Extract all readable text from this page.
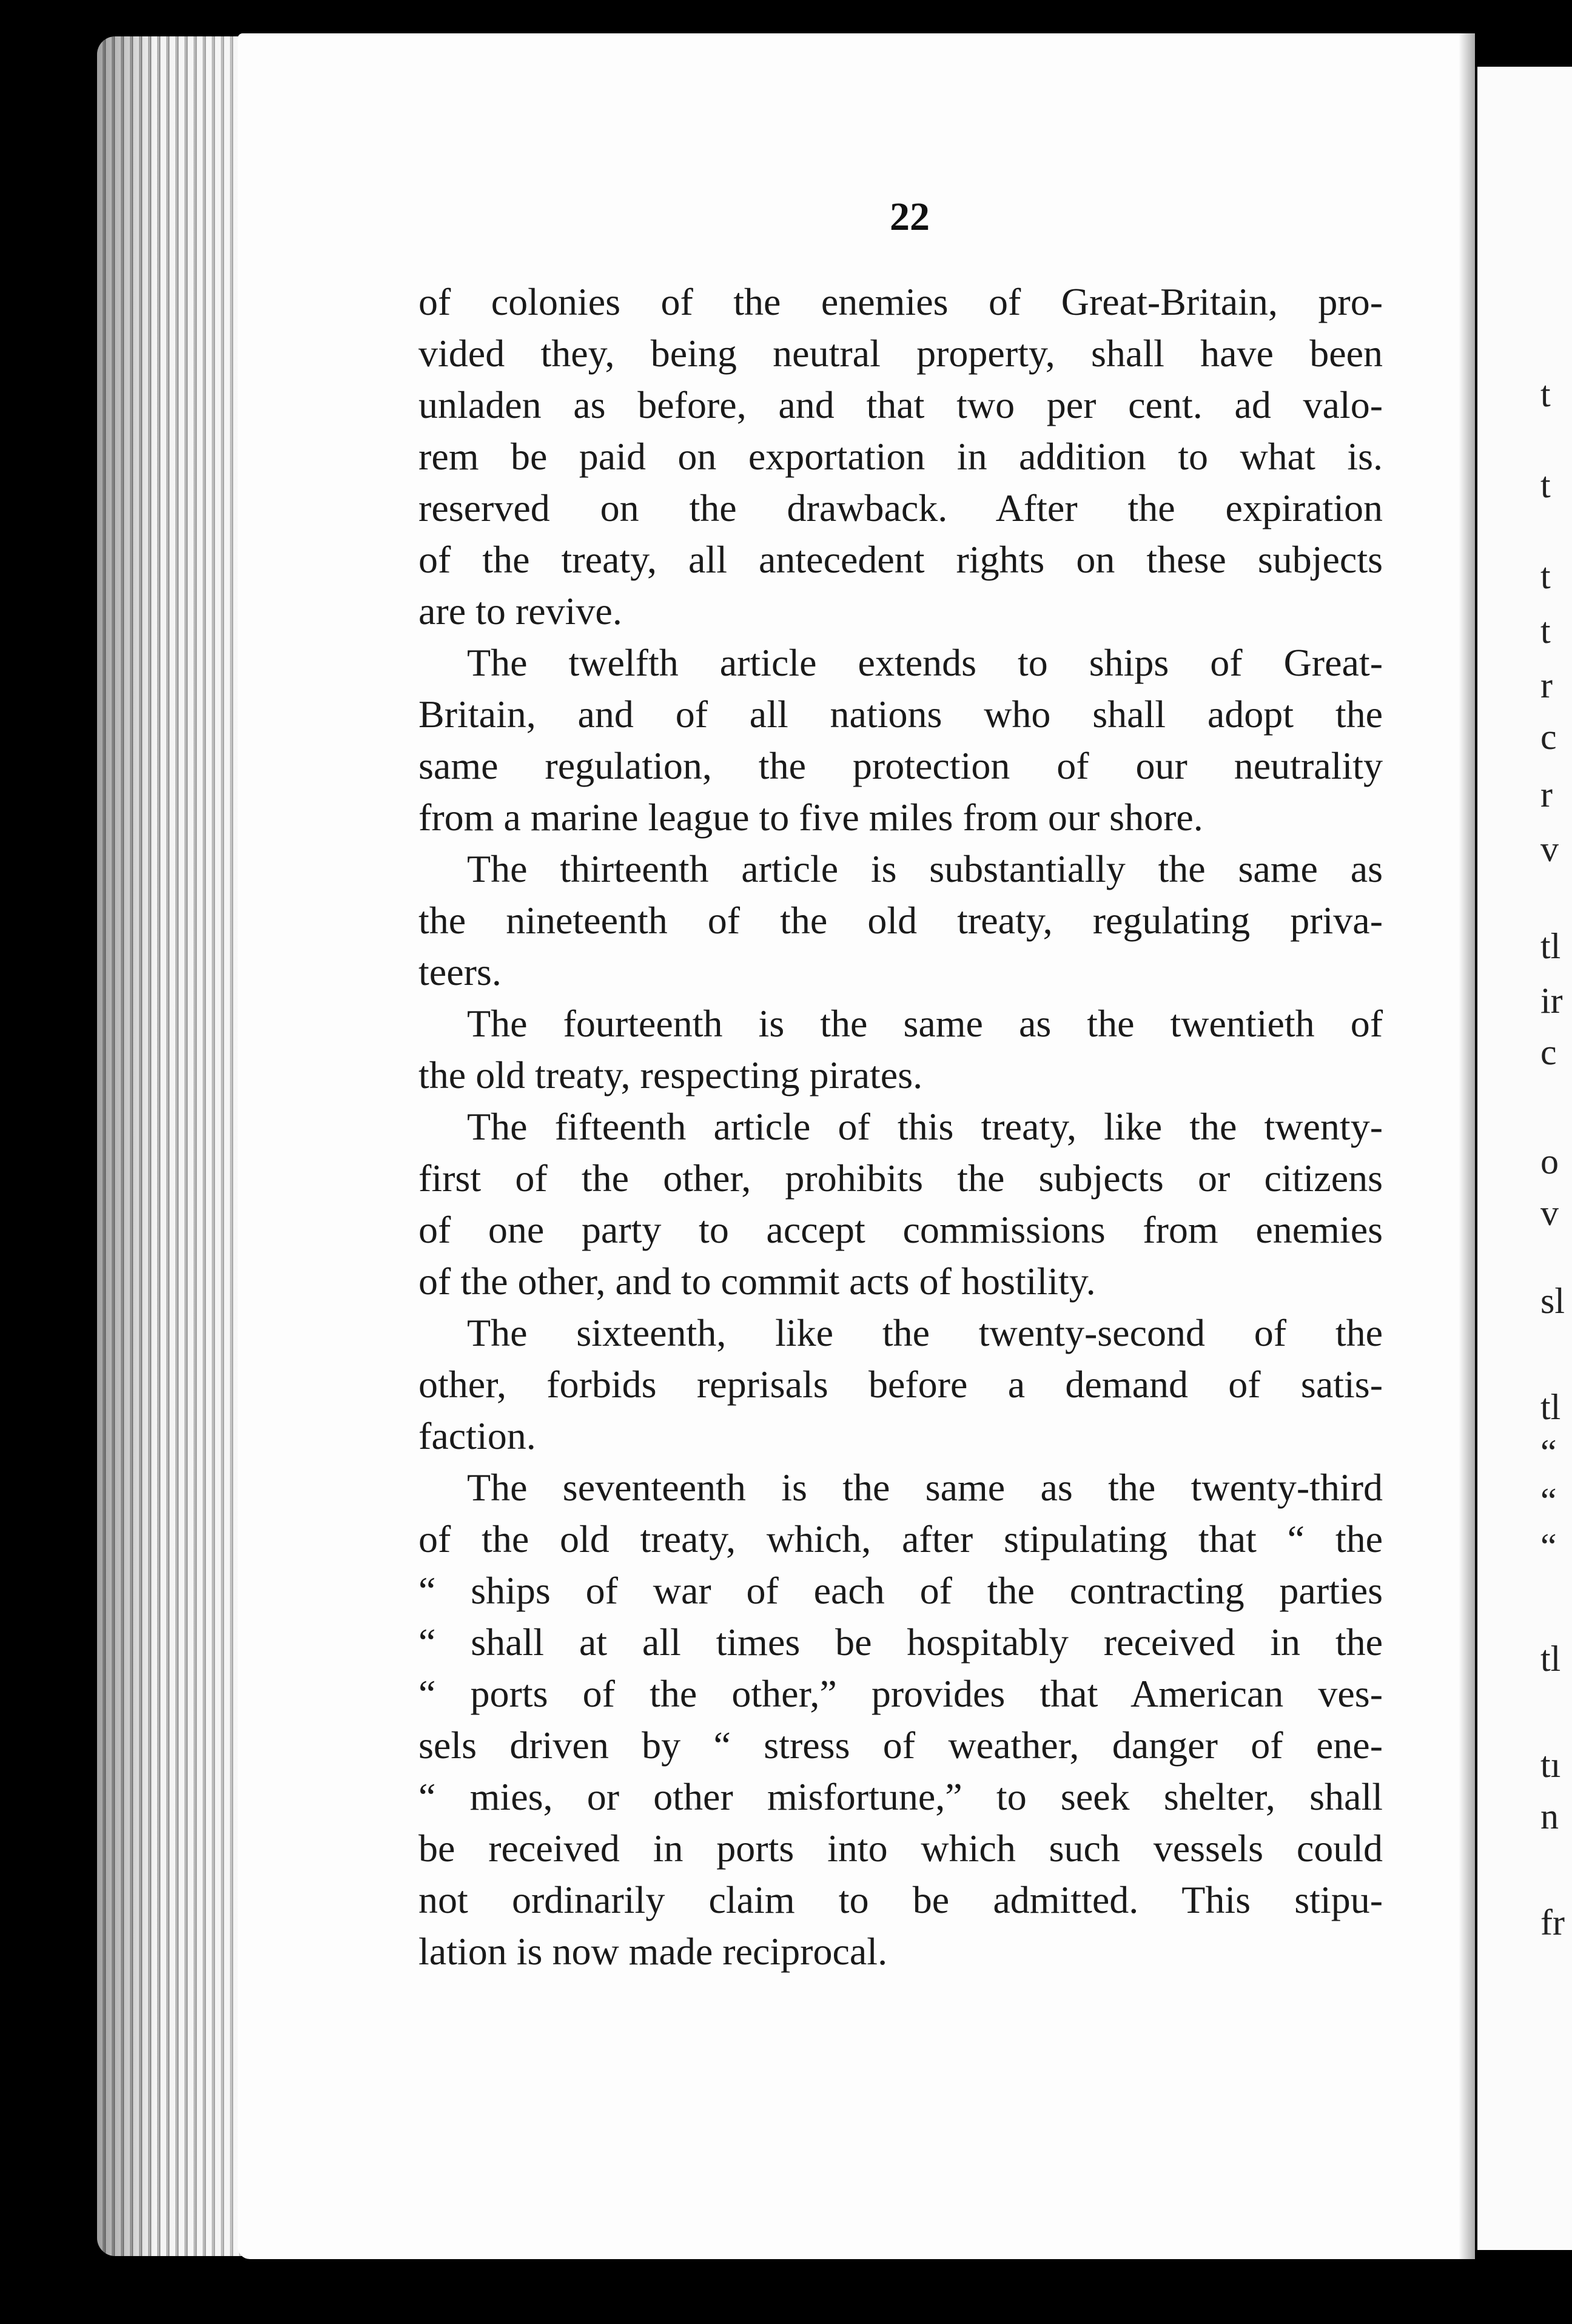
22
of colonies of the enemies of Great-Britain, pro-
vided they, being neutral property, shall have been
unladen as before, and that two per cent. ad valo-
rem be paid on exportation in addition to what is.
reserved on the drawback. After the expiration
of the treaty, all antecedent rights on these subjects
are to revive.
The twelfth article extends to ships of Great-
Britain, and of all nations who shall adopt the
same regulation, the protection of our neutrality
from a marine league to five miles from our shore.
The thirteenth article is substantially the same as
the nineteenth of the old treaty, regulating priva-
teers.
The fourteenth is the same as the twentieth of
the old treaty, respecting pirates.
The fifteenth article of this treaty, like the twenty-
first of the other, prohibits the subjects or citizens
of one party to accept commissions from enemies
of the other, and to commit acts of hostility.
The sixteenth, like the twenty-second of the
other, forbids reprisals before a demand of satis-
faction.
The seventeenth is the same as the twenty-third
of the old treaty, which, after stipulating that “ the
“ ships of war of each of the contracting parties
“ shall at all times be hospitably received in the
“ ports of the other,” provides that American ves-
sels driven by “ stress of weather, danger of ene-
“ mies, or other misfortune,” to seek shelter, shall
be received in ports into which such vessels could
not ordinarily claim to be admitted. This stipu-
lation is now made reciprocal.
t
t
t
t
r
c
r
v
tl
ir
c
o
v
sl
tl
“
“
“
tl
tı
n
fr
